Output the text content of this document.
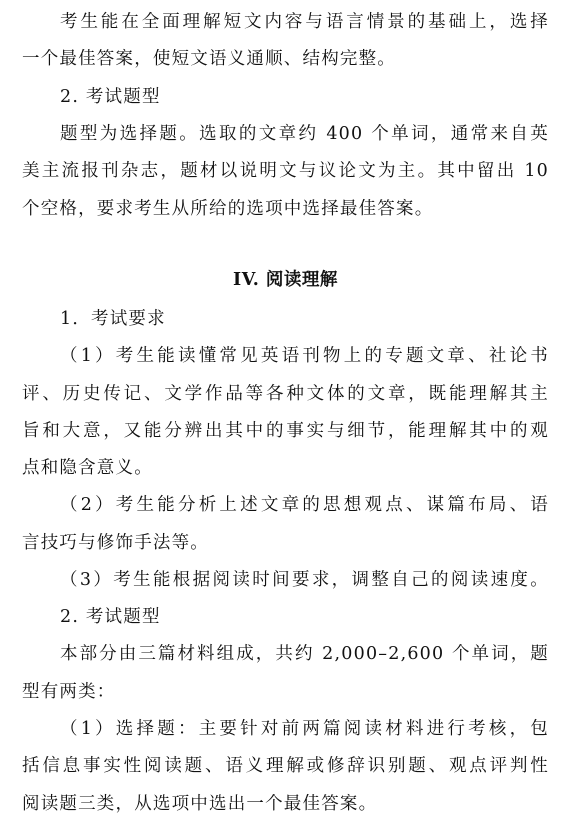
考生能在全面理解短文内容与语言情景的基础上，选择
一个最佳答案，使短文语义通顺、结构完整。
2. 考试题型
题型为选择题。选取的文章约 400 个单词，通常来自英
美主流报刊杂志，题材以说明文与议论文为主。其中留出 10
个空格，要求考生从所给的选项中选择最佳答案。
IV. 阅读理解
1．考试要求
（1）考生能读懂常见英语刊物上的专题文章、社论书
评、历史传记、文学作品等各种文体的文章，既能理解其主
旨和大意，又能分辨出其中的事实与细节，能理解其中的观
点和隐含意义。
（2）考生能分析上述文章的思想观点、谋篇布局、语
言技巧与修饰手法等。
（3）考生能根据阅读时间要求，调整自己的阅读速度。
2. 考试题型
本部分由三篇材料组成，共约 2,000–2,600 个单词，题
型有两类：
（1）选择题：主要针对前两篇阅读材料进行考核，包
括信息事实性阅读题、语义理解或修辞识别题、观点评判性
阅读题三类，从选项中选出一个最佳答案。
